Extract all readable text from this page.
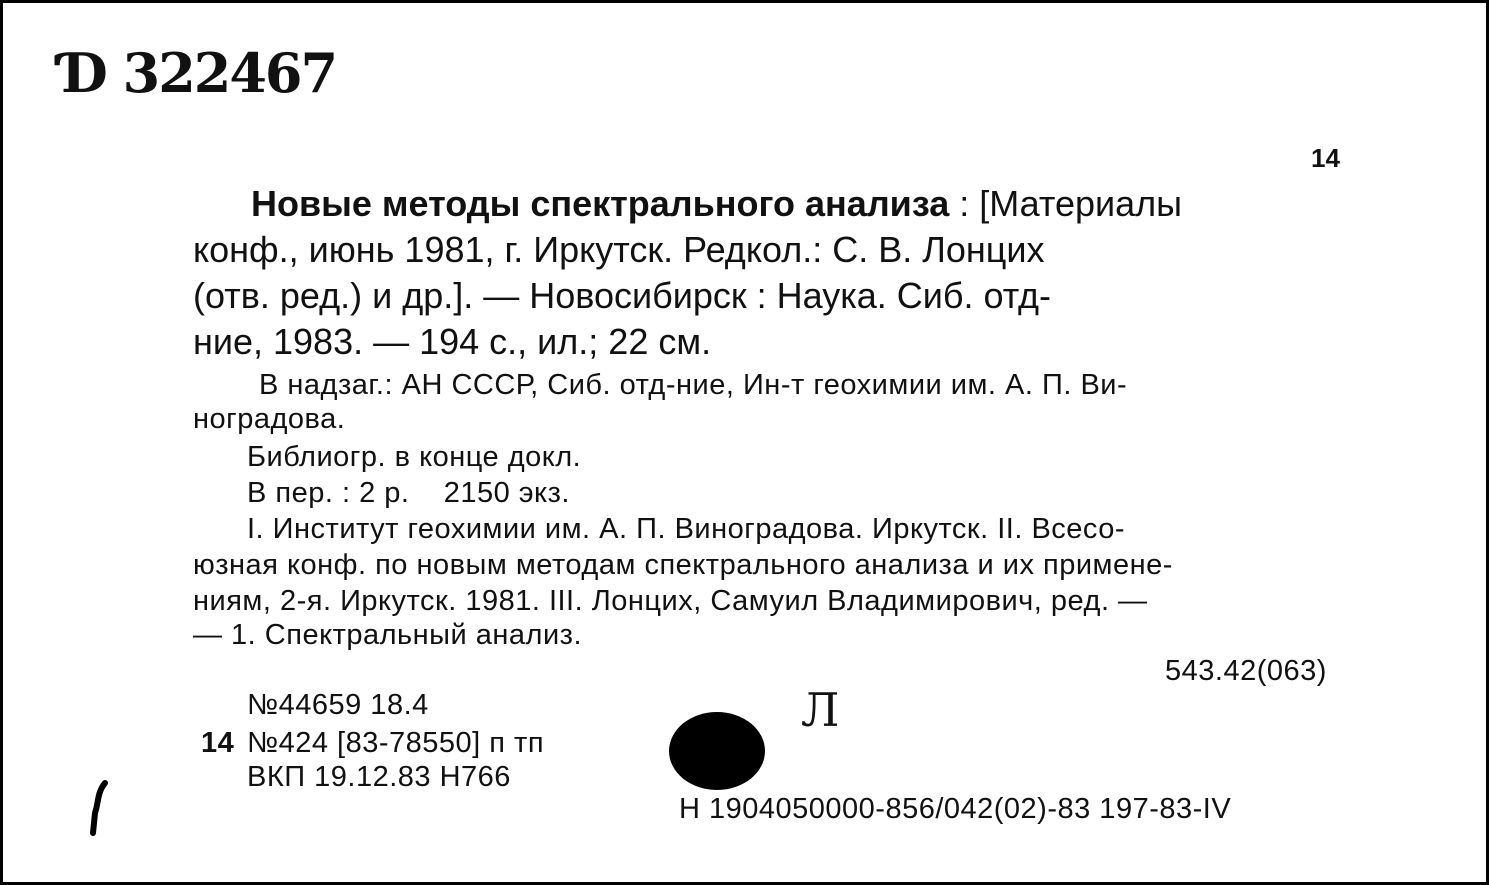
Ɗ 322467
14
Новые методы спектрального анализа : [Материалы
конф., июнь 1981, г. Иркутск. Редкол.: С. В. Лонцих
(отв. ред.) и др.]. — Новосибирск : Наука. Сиб. отд-
ние, 1983. — 194 с., ил.; 22 см.
В надзаг.: АН СССР, Сиб. отд-ние, Ин-т геохимии им. А. П. Ви-
ноградова.
Библиогр. в конце докл.
В пер. : 2 р.    2150 экз.
I. Институт геохимии им. А. П. Виноградова. Иркутск. II. Всесо-
юзная конф. по новым методам спектрального анализа и их примене-
ниям, 2-я. Иркутск. 1981. III. Лонцих, Самуил Владимирович, ред. —
— 1. Спектральный анализ.
543.42(063)
№44659 18.4
14 №424 [83-78550] п тп
ВКП 19.12.83 Н766
Л
Н 1904050000-856/042(02)-83 197-83-IV
